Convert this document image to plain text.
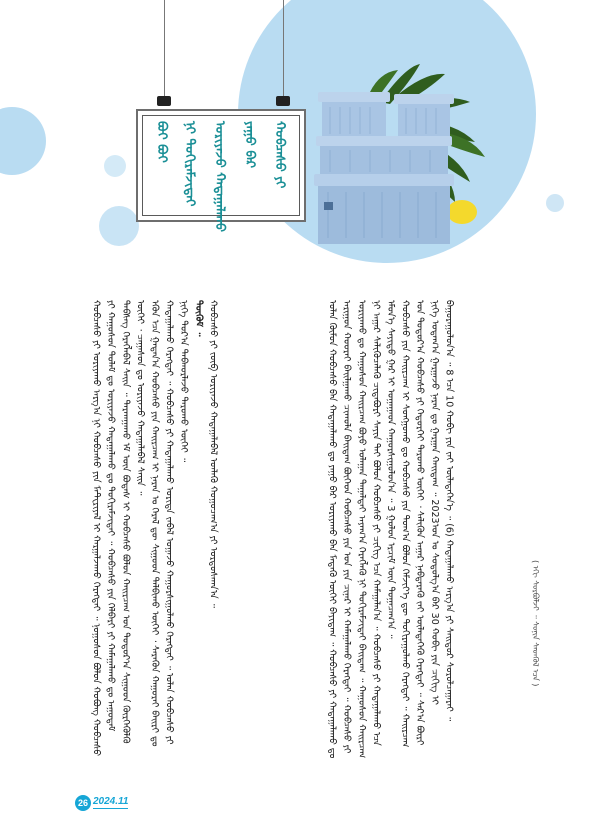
ᠬᠤᠪᠴᠠᠰᠤ ᠶᠢ
ᠶᠠᠭᠤ ᠪᠡᠷ
ᠣᠷᠢᠶᠠᠵᠤ ᠬᠠᠳᠠᠭᠠᠯᠠᠬᠤ
ᠨᠢ ᠲᠣᠬᠢᠷᠠᠮᠵᠢᠲᠠᠢ
ᠪᠤᠢ ᠪᠤᠢ

ᠣᠯᠠᠨ ᠬᠦᠮᠦᠨ ᠬᠤᠪᠴᠠᠰᠤ ᠪᠠᠨ ᠬᠠᠳᠠᠭᠠᠯᠠᠬᠤ ᠳᠤ ᠶᠠᠭᠤ ᠪᠡᠷ ᠣᠷᠢᠶᠠᠬᠤ ᠪᠠᠨ ᠮᠡᠳᠡᠬᠦ ᠦᠭᠡᠢ ᠪᠠᠶᠢᠳᠠᠭ ᠃ ᠬᠤᠪᠴᠠᠰᠤ ᠶᠢ ᠬᠠᠳᠠᠭᠠᠯᠠᠬᠤ ᠳᠤ ᠠᠷᠢᠭᠤᠨ ᠬᠤᠤᠷᠠᠢ ᠪᠠᠢᠯᠭᠠᠬᠤ ᠴᠢᠬᠤᠯᠠ ᠪᠠᠢᠳᠠᠭ ᠪᠥᠭᠡᠳ ᠬᠤᠪᠴᠠᠰᠤ ᠶᠢᠨ ᠡᠳ ᠶᠢᠨ ᠴᠢᠨᠠᠷ ᠢ ᠬᠠᠮᠠᠭᠠᠯᠠᠬᠤ ᠬᠡᠷᠡᠭᠲᠡᠢ ᠃ ᠬᠤᠪᠴᠠᠰᠤ ᠶᠢ ᠣᠷᠢᠶᠠᠬᠤ ᠳᠤ ᠬᠠᠭᠤᠰᠤᠨ ᠬᠠᠢᠷᠴᠠᠭ ᠪᠤᠶᠤ ᠤᠯᠠᠭᠠᠨ ᠳᠠᠭᠠᠯᠲᠠᠢ ᠠᠶᠠᠭ᠎ᠠ ᠬᠡᠷᠡᠭᠯᠡᠬᠦ ᠨᠢ ᠳᠣᠬᠢᠷᠠᠮᠵᠢᠲᠠᠢ ᠪᠠᠢᠳᠠᠭ ᠃ ᠬᠠᠭᠤᠰᠤᠨ ᠬᠠᠢᠷᠴᠠᠭ ᠨᠢ ᠠᠭᠠᠷ ᠰᠡᠯᠢᠭᠦᠴᠡᠯᠡᠬᠦ ᠴᠢᠳᠠᠪᠤᠷᠢ ᠰᠠᠶᠢᠨ ᠲᠠᠢ ᠪᠣᠯᠤᠨ ᠬᠤᠪᠴᠠᠰᠤ ᠶᠢ ᠴᠢᠭᠢᠭ ᠡᠴᠡ ᠬᠠᠮᠠᠭᠠᠯᠠᠨ᠎ᠠ ᠃ ᠬᠤᠪᠴᠠᠰᠤ ᠶᠢ ᠬᠠᠳᠠᠭᠠᠯᠠᠬᠤ ᠡᠴᠡ ᠡᠮᠦᠨ᠎ᠡ ᠰᠠᠶᠢᠲᠤ ᠭᠠᠷ ᠢ ᠤᠭᠠᠭᠠᠳ ᠬᠠᠭᠤᠷᠰᠢᠭᠤᠯᠤᠨ᠎ᠠ ᠃ 3 ᠭᠣᠯᠤᠨ ᠡᠷᠴᠢᠮ ᠦᠨ ᠲᠣᠭᠠᠴᠠᠭ᠎ᠠ ᠃ ᠬᠤᠪᠴᠠᠰᠤ ᠶᠢᠨ ᠬᠠᠢᠷᠴᠠᠭ ᠢ ᠰᠣᠩᠭᠣᠬᠤ ᠳᠤ ᠬᠤᠪᠴᠠᠰᠤ ᠶᠢᠨ ᠲᠣᠭ᠎ᠠ ᠪᠣᠯᠤᠨ ᠬᠡᠮᠵᠢᠶ᠎ᠡ ᠳᠦ ᠲᠣᠬᠢᠷᠠᠭᠤᠯᠬᠤ ᠬᠡᠷᠡᠭᠲᠡᠢ ᠃ ᠬᠠᠢᠷᠴᠠᠭ ᠤᠨ ᠳᠣᠲᠣᠷ᠎ᠠ ᠬᠤᠪᠴᠠᠰᠤ ᠶᠢ ᠬᠡᠲᠦᠷᠬᠡᠢ ᠳᠠᠷᠤᠬᠤ ᠦᠭᠡᠢ ᠂ ᠰᠡᠯᠢᠭᠦᠨ ᠠᠭᠠᠷ ᠨᠡᠪᠲᠡᠷᠡᠬᠦ ᠵᠠᠢ ᠦᠯᠡᠳᠡᠭᠡᠬᠦ ᠬᠡᠷᠡᠭᠲᠡᠢ ᠃ ᠰᠠᠷ᠎ᠠ ᠪᠦᠷᠢ ᠨᠢᠭᠡ ᠤᠳᠠᠭ᠎ᠠ ᠭᠠᠷᠭᠠᠵᠤ ᠨᠠᠷᠠᠨ ᠳᠤ ᠭᠠᠷᠭᠠᠨ ᠬᠠᠢᠳᠠᠭ ᠃ 2023ᠣᠨ ᠤ ᠰᠤᠳᠤᠯᠭ᠎ᠠ ᠪᠡᠷ 30 ᠬᠤᠪᠢ ᠶᠢᠨ ᠴᠢᠭᠢᠭ ᠢ ᠪᠠᠭᠤᠷᠠᠭᠤᠯᠤᠨ᠎ᠠ ᠃ 8 ᠡᠴᠡ 10 ᠬᠤᠪᠢ ᠶᠢᠨ ᠵᠠᠢ ᠦᠯᠡᠳᠡᠭᠡᠨ᠎ᠡ ᠃ (6) ᠬᠠᠳᠠᠭᠠᠯᠠᠬᠤ ᠠᠷᠭ᠎ᠠ ᠶᠢ ᠰᠠᠢᠲᠤᠷ ᠰᠤᠷᠤᠯᠴᠠᠭᠠᠷᠠᠢ ᠃

ᠬᠤᠪᠴᠠᠰᠤ ᠶᠢ ᠣᠷᠢᠶᠠᠬᠤ ᠠᠷᠭ᠎ᠠ ᠨᠢ ᠬᠤᠪᠴᠠᠰᠤ ᠶᠢᠨ ᠮᠠᠲ᠋ᠧᠷᠢᠶᠠᠯ ᠢ ᠬᠠᠷᠭᠠᠯᠵᠠᠬᠤ ᠬᠡᠷᠡᠭᠲᠡᠢ ᠃ ᠨᠣᠭᠤᠰᠤᠨ ᠪᠣᠯᠤᠨ ᠬᠣᠪᠤᠩ ᠬᠤᠪᠴᠠᠰᠤ ᠶᠢ ᠬᠠᠭᠤᠰᠤᠨ ᠲᠤᠯᠠᠮ ᠳᠤ ᠣᠷᠢᠶᠠᠵᠤ ᠬᠠᠳᠠᠭᠠᠯᠠᠬᠤ ᠳᠤ ᠳᠣᠬᠢᠷᠠᠮᠵᠢᠲᠠᠢ ᠃ ᠬᠤᠪᠴᠠᠰᠤ ᠶᠢᠨ ᠬᠡᠯᠪᠡᠷᠢ ᠶᠢ ᠬᠠᠮᠠᠭᠠᠯᠠᠬᠤ ᠳᠤ ᠠᠭᠤᠳᠠᠮ ᠳᠡᠪᠰᠡᠭ ᠬᠡᠷᠡᠭᠯᠡᠪᠡᠯ ᠰᠠᠢᠨ ᠃ ᠲᠠᠷᠬᠠᠭᠠᠬᠤ ᠡᠮ ᠦᠨ ᠪᠣᠳᠠᠰ ᠢ ᠬᠤᠪᠴᠠᠰᠤ ᠪᠣᠯᠤᠨ ᠬᠠᠢᠷᠴᠠᠭ ᠤᠨ ᠳᠣᠲᠣᠷ᠎ᠠ ᠰᠢᠭᠤᠳ ᠬᠦᠷᠭᠡᠭᠦᠯᠬᠦ ᠦᠭᠡᠢ ᠂ ᠴᠠᠭᠠᠰᠤᠨ ᠳᠤ ᠣᠷᠢᠶᠠᠵᠤ ᠬᠠᠳᠠᠭᠠᠯᠠᠪᠠᠯ ᠰᠠᠢᠨ ᠃ ᠡᠭᠦᠨ ᠡᠴᠡ ᠭᠠᠳᠠᠨ᠎ᠠ ᠬᠤᠪᠴᠠᠰᠤ ᠶᠢᠨ ᠬᠠᠢᠷᠴᠠᠭ ᠢ ᠨᠠᠷᠠᠨ ᠤ ᠭᠡᠷᠡᠯ ᠳᠦ ᠰᠢᠭᠤᠳ ᠲᠠᠯᠪᠢᠬᠤ ᠦᠭᠡᠢ ᠂ ᠰᠡᠷᠡᠭᠦᠨ ᠬᠠᠭᠤᠷᠠᠢ ᠪᠠᠢᠷᠢ ᠳᠤ ᠬᠠᠳᠠᠭᠠᠯᠠᠬᠤ ᠬᠡᠷᠡᠭᠲᠡᠢ ᠃ ᠬᠤᠪᠴᠠᠰᠤ ᠶᠢ ᠬᠠᠳᠠᠭᠠᠯᠠᠬᠤ ᠤᠷᠢᠳᠠ ᠵᠠᠪᠠᠯ ᠤᠭᠠᠵᠤ ᠬᠠᠭᠤᠷᠰᠢᠭᠤᠯᠬᠤ ᠬᠡᠷᠡᠭᠲᠡᠢ ᠃ ᠣᠯᠠᠨ ᠬᠤᠪᠴᠠᠰᠤ ᠶᠢ ᠨᠢᠭᠡ ᠳᠣᠷ᠎ᠠ ᠳᠠᠪᠬᠤᠷᠯᠠᠵᠤ ᠳᠠᠷᠤᠬᠤ ᠦᠭᠡᠢ ᠃ ᠳᠦᠭᠦᠮ ᠃ ᠬᠤᠪᠴᠠᠰᠤ ᠶᠢ ᠵᠦᠪ ᠣᠷᠢᠶᠠᠵᠤ ᠬᠠᠳᠠᠭᠠᠯᠠᠪᠠᠯ ᠡᠳᠯᠡᠬᠦ ᠬᠤᠭᠤᠴᠠᠭ᠎ᠠ ᠶᠢ ᠤᠷᠲᠤᠰᠭᠠᠨ᠎ᠠ ᠃

( ᠡᠬᠢ ᠰᠤᠷᠪᠤᠯᠵᠢ ᠃ ᠰᠣᠨᠢᠨ ᠰᠡᠳᠬᠦᠯ ᠡᠴᠡ )
26 2024.11
